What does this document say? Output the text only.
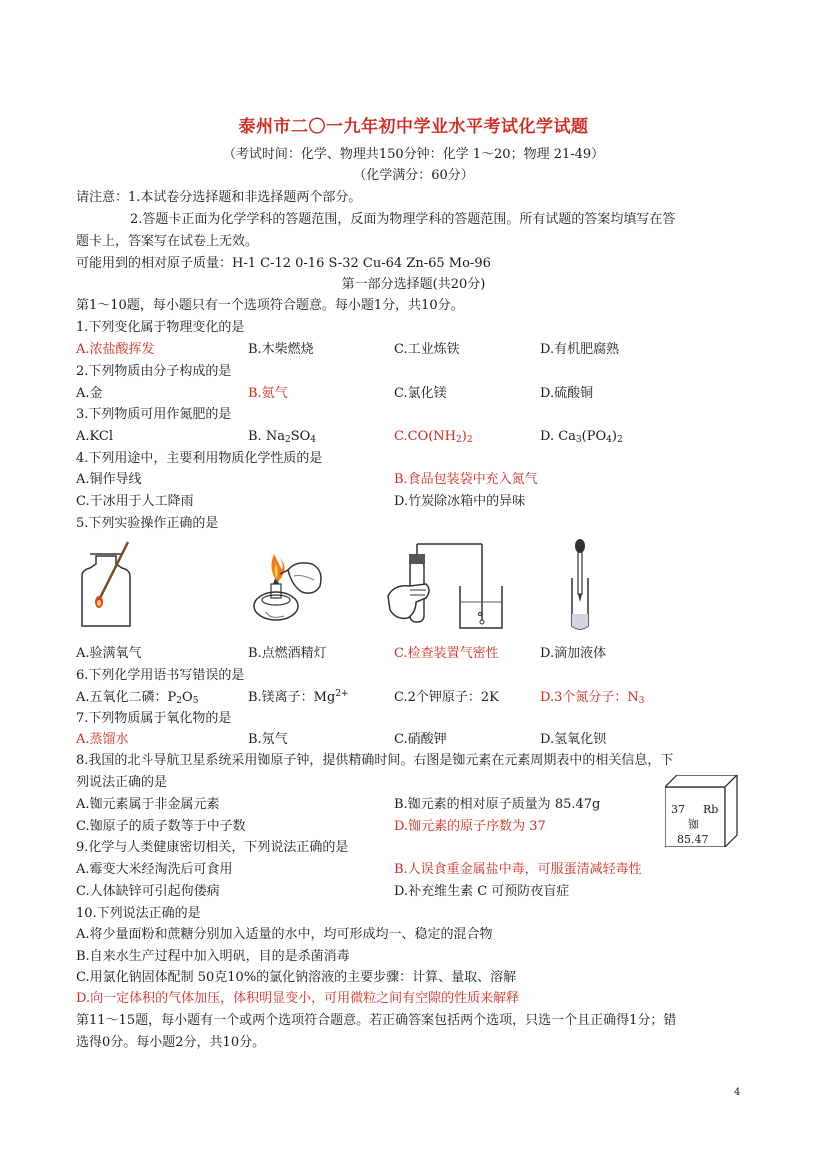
泰州市二〇一九年初中学业水平考试化学试题
（考试时间：化学、物理共150分钟：化学 1～20；物理 21-49）
（化学满分：60分）
请注意：1.本试卷分选择题和非选择题两个部分。
2.答题卡正面为化学学科的答题范围，反面为物理学科的答题范围。所有试题的答案均填写在答
题卡上，答案写在试卷上无效。
可能用到的相对原子质量：H-1 C-12 0-16 S-32 Cu-64 Zn-65 Mo-96
第一部分选择题(共20分)
第1～10题，每小题只有一个选项符合题意。每小题1分，共10分。
1.下列变化属于物理变化的是
A.浓盐酸挥发	B.木柴燃烧	C.工业炼铁	D.有机肥腐熟
2.下列物质由分子构成的是
A.金	B.氨气	C.氯化镁	D.硫酸铜
3.下列物质可用作氮肥的是
A.KCl	B. $Na_2SO_4$	$C.CO(NH_2)_2$	D. $Ca_3(PO_4)_2$
4.下列用途中，主要利用物质化学性质的是
A.铜作导线	B.食品包装袋中充入氮气
C.干冰用于人工降雨	D.竹炭除冰箱中的异味
5.下列实验操作正确的是
A.验满氧气	B.点燃酒精灯	C.检查装置气密性	D.滴加液体
6.下列化学用语书写错误的是
A.五氧化二磷：$P_2O_5$	B.镁离子：$Mg^{2+}$	C.2个钾原子：2K	D.3个氮分子：$N_3$
7.下列物质属于氧化物的是
A.蒸馏水	B.氖气	C.硝酸钾	D.氢氧化钡
8.我国的北斗导航卫星系统采用铷原子钟，提供精确时间。右图是铷元素在元素周期表中的相关信息，下
列说法正确的是
A.铷元素属于非金属元素	B.铷元素的相对原子质量为 85.47g
C.铷原子的质子数等于中子数	D.铷元素的原子序数为 37
37 Rb
铷
85.47
9.化学与人类健康密切相关，下列说法正确的是
A.霉变大米经淘洗后可食用	B.人误食重金属盐中毒，可服蛋清减轻毒性
C.人体缺锌可引起佝偻病	D.补充维生素 C 可预防夜盲症
10.下列说法正确的是
A.将少量面粉和蔗糖分别加入适量的水中，均可形成均一、稳定的混合物
B.自来水生产过程中加入明矾，目的是杀菌消毒
C.用氯化钠固体配制 50克10%的氯化钠溶液的主要步骤：计算、量取、溶解
D.向一定体积的气体加压，体积明显变小，可用微粒之间有空隙的性质来解释
第11～15题，每小题有一个或两个选项符合题意。若正确答案包括两个选项，只选一个且正确得1分；错
选得0分。每小题2分，共10分。
4
